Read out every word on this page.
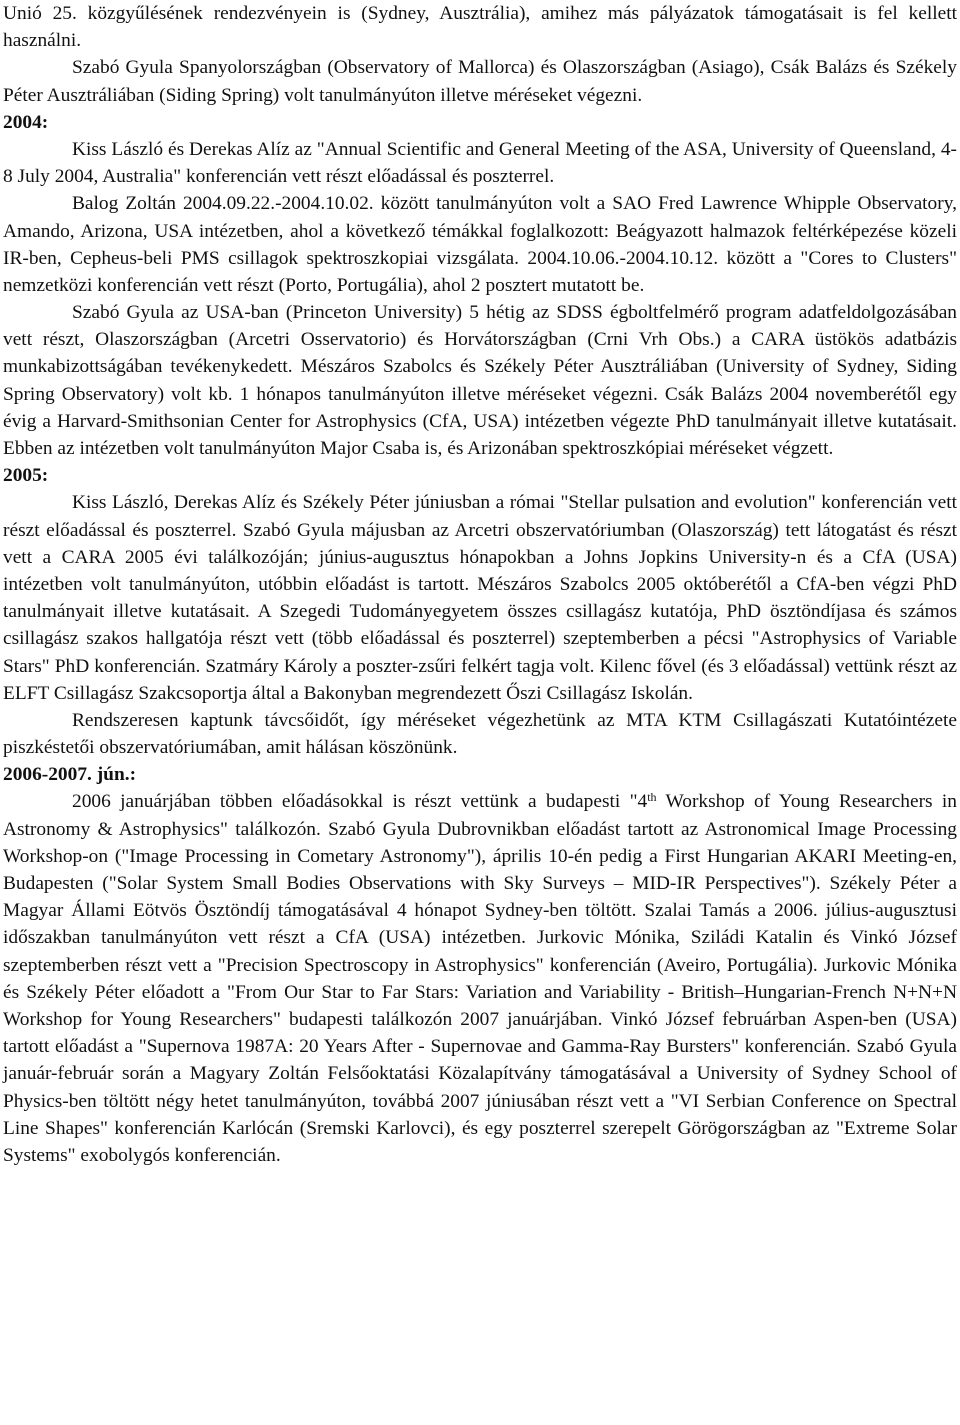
Unió 25. közgyűlésének rendezvényein is (Sydney, Ausztrália), amihez más pályázatok támogatásait is fel kellett használni.

Szabó Gyula Spanyolországban (Observatory of Mallorca) és Olaszországban (Asiago), Csák Balázs és Székely Péter Ausztráliában (Siding Spring) volt tanulmányúton illetve méréseket végezni.

2004:

Kiss László és Derekas Alíz az "Annual Scientific and General Meeting of the ASA, University of Queensland, 4-8 July 2004, Australia" konferencián vett részt előadással és poszterrel.

Balog Zoltán 2004.09.22.-2004.10.02. között tanulmányúton volt a SAO Fred Lawrence Whipple Observatory, Amando, Arizona, USA intézetben, ahol a következő témákkal foglalkozott: Beágyazott halmazok feltérképezése közeli IR-ben, Cepheus-beli PMS csillagok spektroszkopiai vizsgálata. 2004.10.06.-2004.10.12. között a "Cores to Clusters" nemzetközi konferencián vett részt (Porto, Portugália), ahol 2 posztert mutatott be.

Szabó Gyula az USA-ban (Princeton University) 5 hétig az SDSS égboltfelmérő program adatfeldolgozásában vett részt, Olaszországban (Arcetri Osservatorio) és Horvátországban (Crni Vrh Obs.) a CARA üstökös adatbázis munkabizottságában tevékenykedett. Mészáros Szabolcs és Székely Péter Ausztráliában (University of Sydney, Siding Spring Observatory) volt kb. 1 hónapos tanulmányúton illetve méréseket végezni. Csák Balázs 2004 novemberétől egy évig a Harvard-Smithsonian Center for Astrophysics (CfA, USA) intézetben végezte PhD tanulmányait illetve kutatásait. Ebben az intézetben volt tanulmányúton Major Csaba is, és Arizonában spektroszkópiai méréseket végzett.

2005:

Kiss László, Derekas Alíz és Székely Péter júniusban a római "Stellar pulsation and evolution" konferencián vett részt előadással és poszterrel. Szabó Gyula májusban az Arcetri obszervatóriumban (Olaszország) tett látogatást és részt vett a CARA 2005 évi találkozóján; június-augusztus hónapokban a Johns Jopkins University-n és a CfA (USA) intézetben volt tanulmányúton, utóbbin előadást is tartott. Mészáros Szabolcs 2005 októberétől a CfA-ben végzi PhD tanulmányait illetve kutatásait. A Szegedi Tudományegyetem összes csillagász kutatója, PhD ösztöndíjasa és számos csillagász szakos hallgatója részt vett (több előadással és poszterrel) szeptemberben a pécsi "Astrophysics of Variable Stars" PhD konferencián. Szatmáry Károly a poszter-zsűri felkért tagja volt. Kilenc fővel (és 3 előadással) vettünk részt az ELFT Csillagász Szakcsoportja által a Bakonyban megrendezett Őszi Csillagász Iskolán.

Rendszeresen kaptunk távcsőidőt, így méréseket végezhetünk az MTA KTM Csillagászati Kutatóintézete piszkéstetői obszervatóriumában, amit hálásan köszönünk.

2006-2007. jún.:

2006 januárjában többen előadásokkal is részt vettünk a budapesti "4th Workshop of Young Researchers in Astronomy & Astrophysics" találkozón. Szabó Gyula Dubrovnikban előadást tartott az Astronomical Image Processing Workshop-on ("Image Processing in Cometary Astronomy"), április 10-én pedig a First Hungarian AKARI Meeting-en, Budapesten ("Solar System Small Bodies Observations with Sky Surveys – MID-IR Perspectives"). Székely Péter a Magyar Állami Eötvös Ösztöndíj támogatásával 4 hónapot Sydney-ben töltött. Szalai Tamás a 2006. július-augusztusi időszakban tanulmányúton vett részt a CfA (USA) intézetben. Jurkovic Mónika, Sziládi Katalin és Vinkó József szeptemberben részt vett a "Precision Spectroscopy in Astrophysics" konferencián (Aveiro, Portugália). Jurkovic Mónika és Székely Péter előadott a "From Our Star to Far Stars: Variation and Variability - British–Hungarian-French N+N+N Workshop for Young Researchers" budapesti találkozón 2007 januárjában. Vinkó József februárban Aspen-ben (USA) tartott előadást a "Supernova 1987A: 20 Years After - Supernovae and Gamma-Ray Bursters" konferencián. Szabó Gyula január-február során a Magyary Zoltán Felsőoktatási Közalapítvány támogatásával a University of Sydney School of Physics-ben töltött négy hetet tanulmányúton, továbbá 2007 júniusában részt vett a "VI Serbian Conference on Spectral Line Shapes" konferencián Karlócán (Sremski Karlovci), és egy poszterrel szerepelt Görögországban az "Extreme Solar Systems" exobolygós konferencián.
